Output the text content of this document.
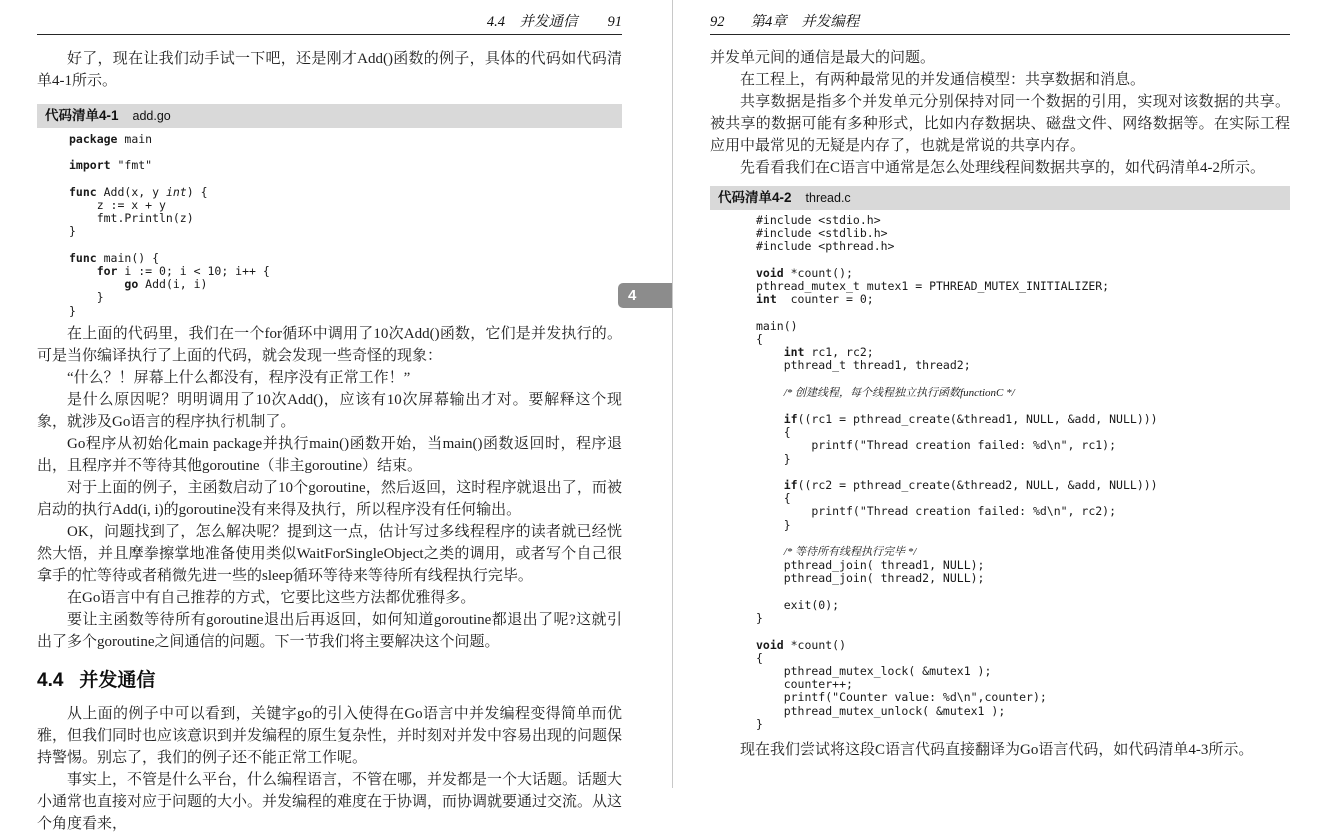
4.4　并发通信 91

好了，现在让我们动手试一下吧，还是刚才Add()函数的例子，具体的代码如代码清单4-1所示。

代码清单4-1 add.go
package main

import "fmt"

func Add(x, y int) {
z := x + y
fmt.Println(z)
}

func main() {
for i := 0; i < 10; i++ {
go Add(i, i)
}
}

在上面的代码里，我们在一个for循环中调用了10次Add()函数，它们是并发执行的。可是当你编译执行了上面的代码，就会发现一些奇怪的现象：

“什么？！屏幕上什么都没有，程序没有正常工作！”

是什么原因呢？明明调用了10次Add()，应该有10次屏幕输出才对。要解释这个现象，就涉及Go语言的程序执行机制了。

Go程序从初始化main package并执行main()函数开始，当main()函数返回时，程序退出，且程序并不等待其他goroutine（非主goroutine）结束。

对于上面的例子，主函数启动了10个goroutine，然后返回，这时程序就退出了，而被启动的执行Add(i, i)的goroutine没有来得及执行，所以程序没有任何输出。

OK，问题找到了，怎么解决呢？提到这一点，估计写过多线程程序的读者就已经恍然大悟，并且摩拳擦掌地准备使用类似WaitForSingleObject之类的调用，或者写个自己很拿手的忙等待或者稍微先进一些的sleep循环等待来等待所有线程执行完毕。

在Go语言中有自己推荐的方式，它要比这些方法都优雅得多。

要让主函数等待所有goroutine退出后再返回，如何知道goroutine都退出了呢?这就引出了多个goroutine之间通信的问题。下一节我们将主要解决这个问题。

4.4 并发通信

从上面的例子中可以看到，关键字go的引入使得在Go语言中并发编程变得简单而优雅，但我们同时也应该意识到并发编程的原生复杂性，并时刻对并发中容易出现的问题保持警惕。别忘了，我们的例子还不能正常工作呢。

事实上，不管是什么平台，什么编程语言，不管在哪，并发都是一个大话题。话题大小通常也直接对应于问题的大小。并发编程的难度在于协调，而协调就要通过交流。从这个角度看来，

4
92 第4章　并发编程

并发单元间的通信是最大的问题。

在工程上，有两种最常见的并发通信模型：共享数据和消息。

共享数据是指多个并发单元分别保持对同一个数据的引用，实现对该数据的共享。被共享的数据可能有多种形式，比如内存数据块、磁盘文件、网络数据等。在实际工程应用中最常见的无疑是内存了，也就是常说的共享内存。

先看看我们在C语言中通常是怎么处理线程间数据共享的，如代码清单4-2所示。

代码清单4-2 thread.c
#include <stdio.h>
#include <stdlib.h>
#include <pthread.h>

void *count();
pthread_mutex_t mutex1 = PTHREAD_MUTEX_INITIALIZER;
int  counter = 0;

main()
{
int rc1, rc2;
pthread_t thread1, thread2;

/* 创建线程，每个线程独立执行函数functionC */

if((rc1 = pthread_create(&thread1, NULL, &add, NULL)))
{
printf("Thread creation failed: %d\n", rc1);
}

if((rc2 = pthread_create(&thread2, NULL, &add, NULL)))
{
printf("Thread creation failed: %d\n", rc2);
}

/* 等待所有线程执行完毕 */
pthread_join( thread1, NULL);
pthread_join( thread2, NULL);

exit(0);
}

void *count()
{
pthread_mutex_lock( &mutex1 );
counter++;
printf("Counter value: %d\n",counter);
pthread_mutex_unlock( &mutex1 );
}

现在我们尝试将这段C语言代码直接翻译为Go语言代码，如代码清单4-3所示。
